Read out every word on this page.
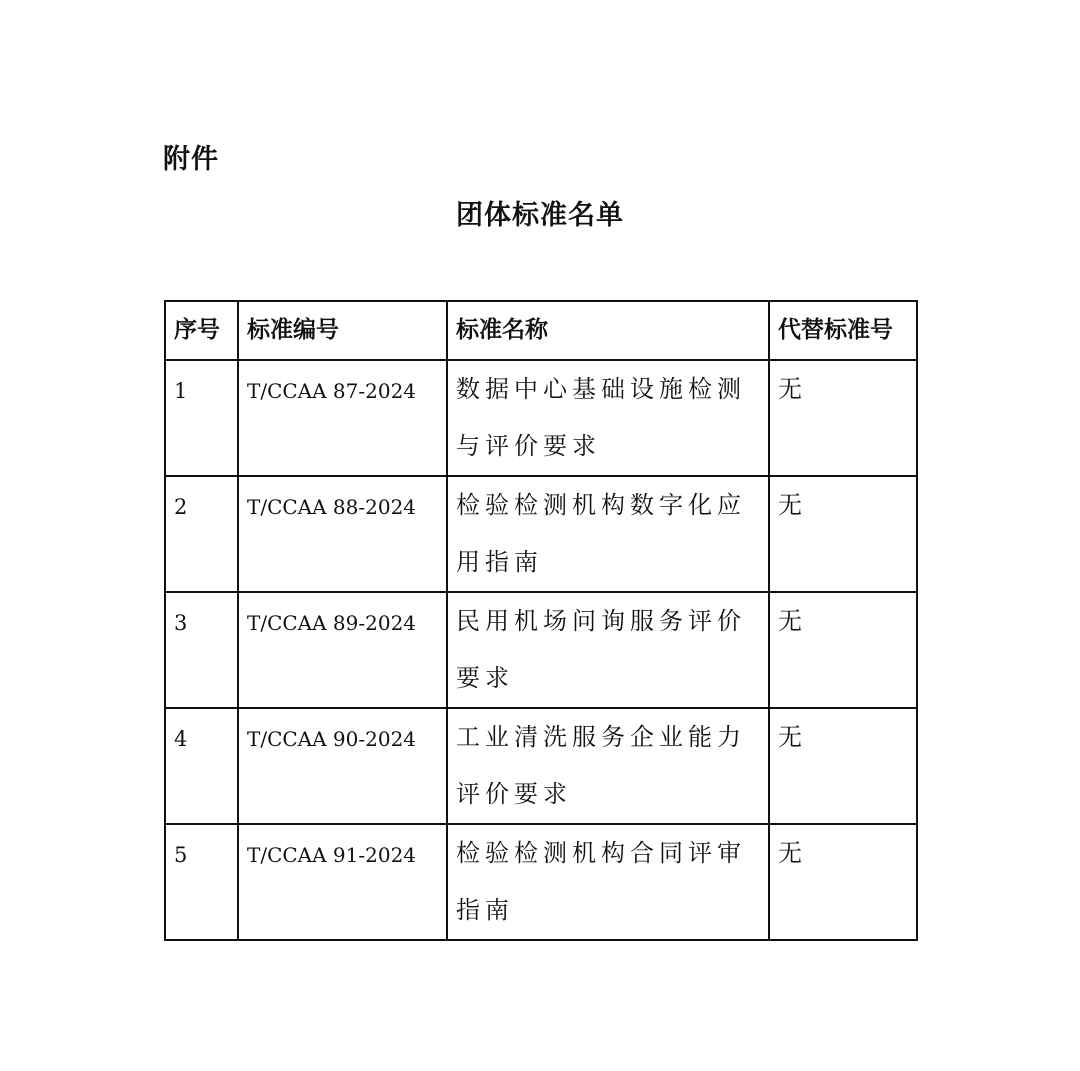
附件
团体标准名单
序号	标准编号	标准名称	代替标准号
1	T/CCAA 87-2024	数据中心基础设施检测与评价要求	无
2	T/CCAA 88-2024	检验检测机构数字化应用指南	无
3	T/CCAA 89-2024	民用机场问询服务评价要求	无
4	T/CCAA 90-2024	工业清洗服务企业能力评价要求	无
5	T/CCAA 91-2024	检验检测机构合同评审指南	无
